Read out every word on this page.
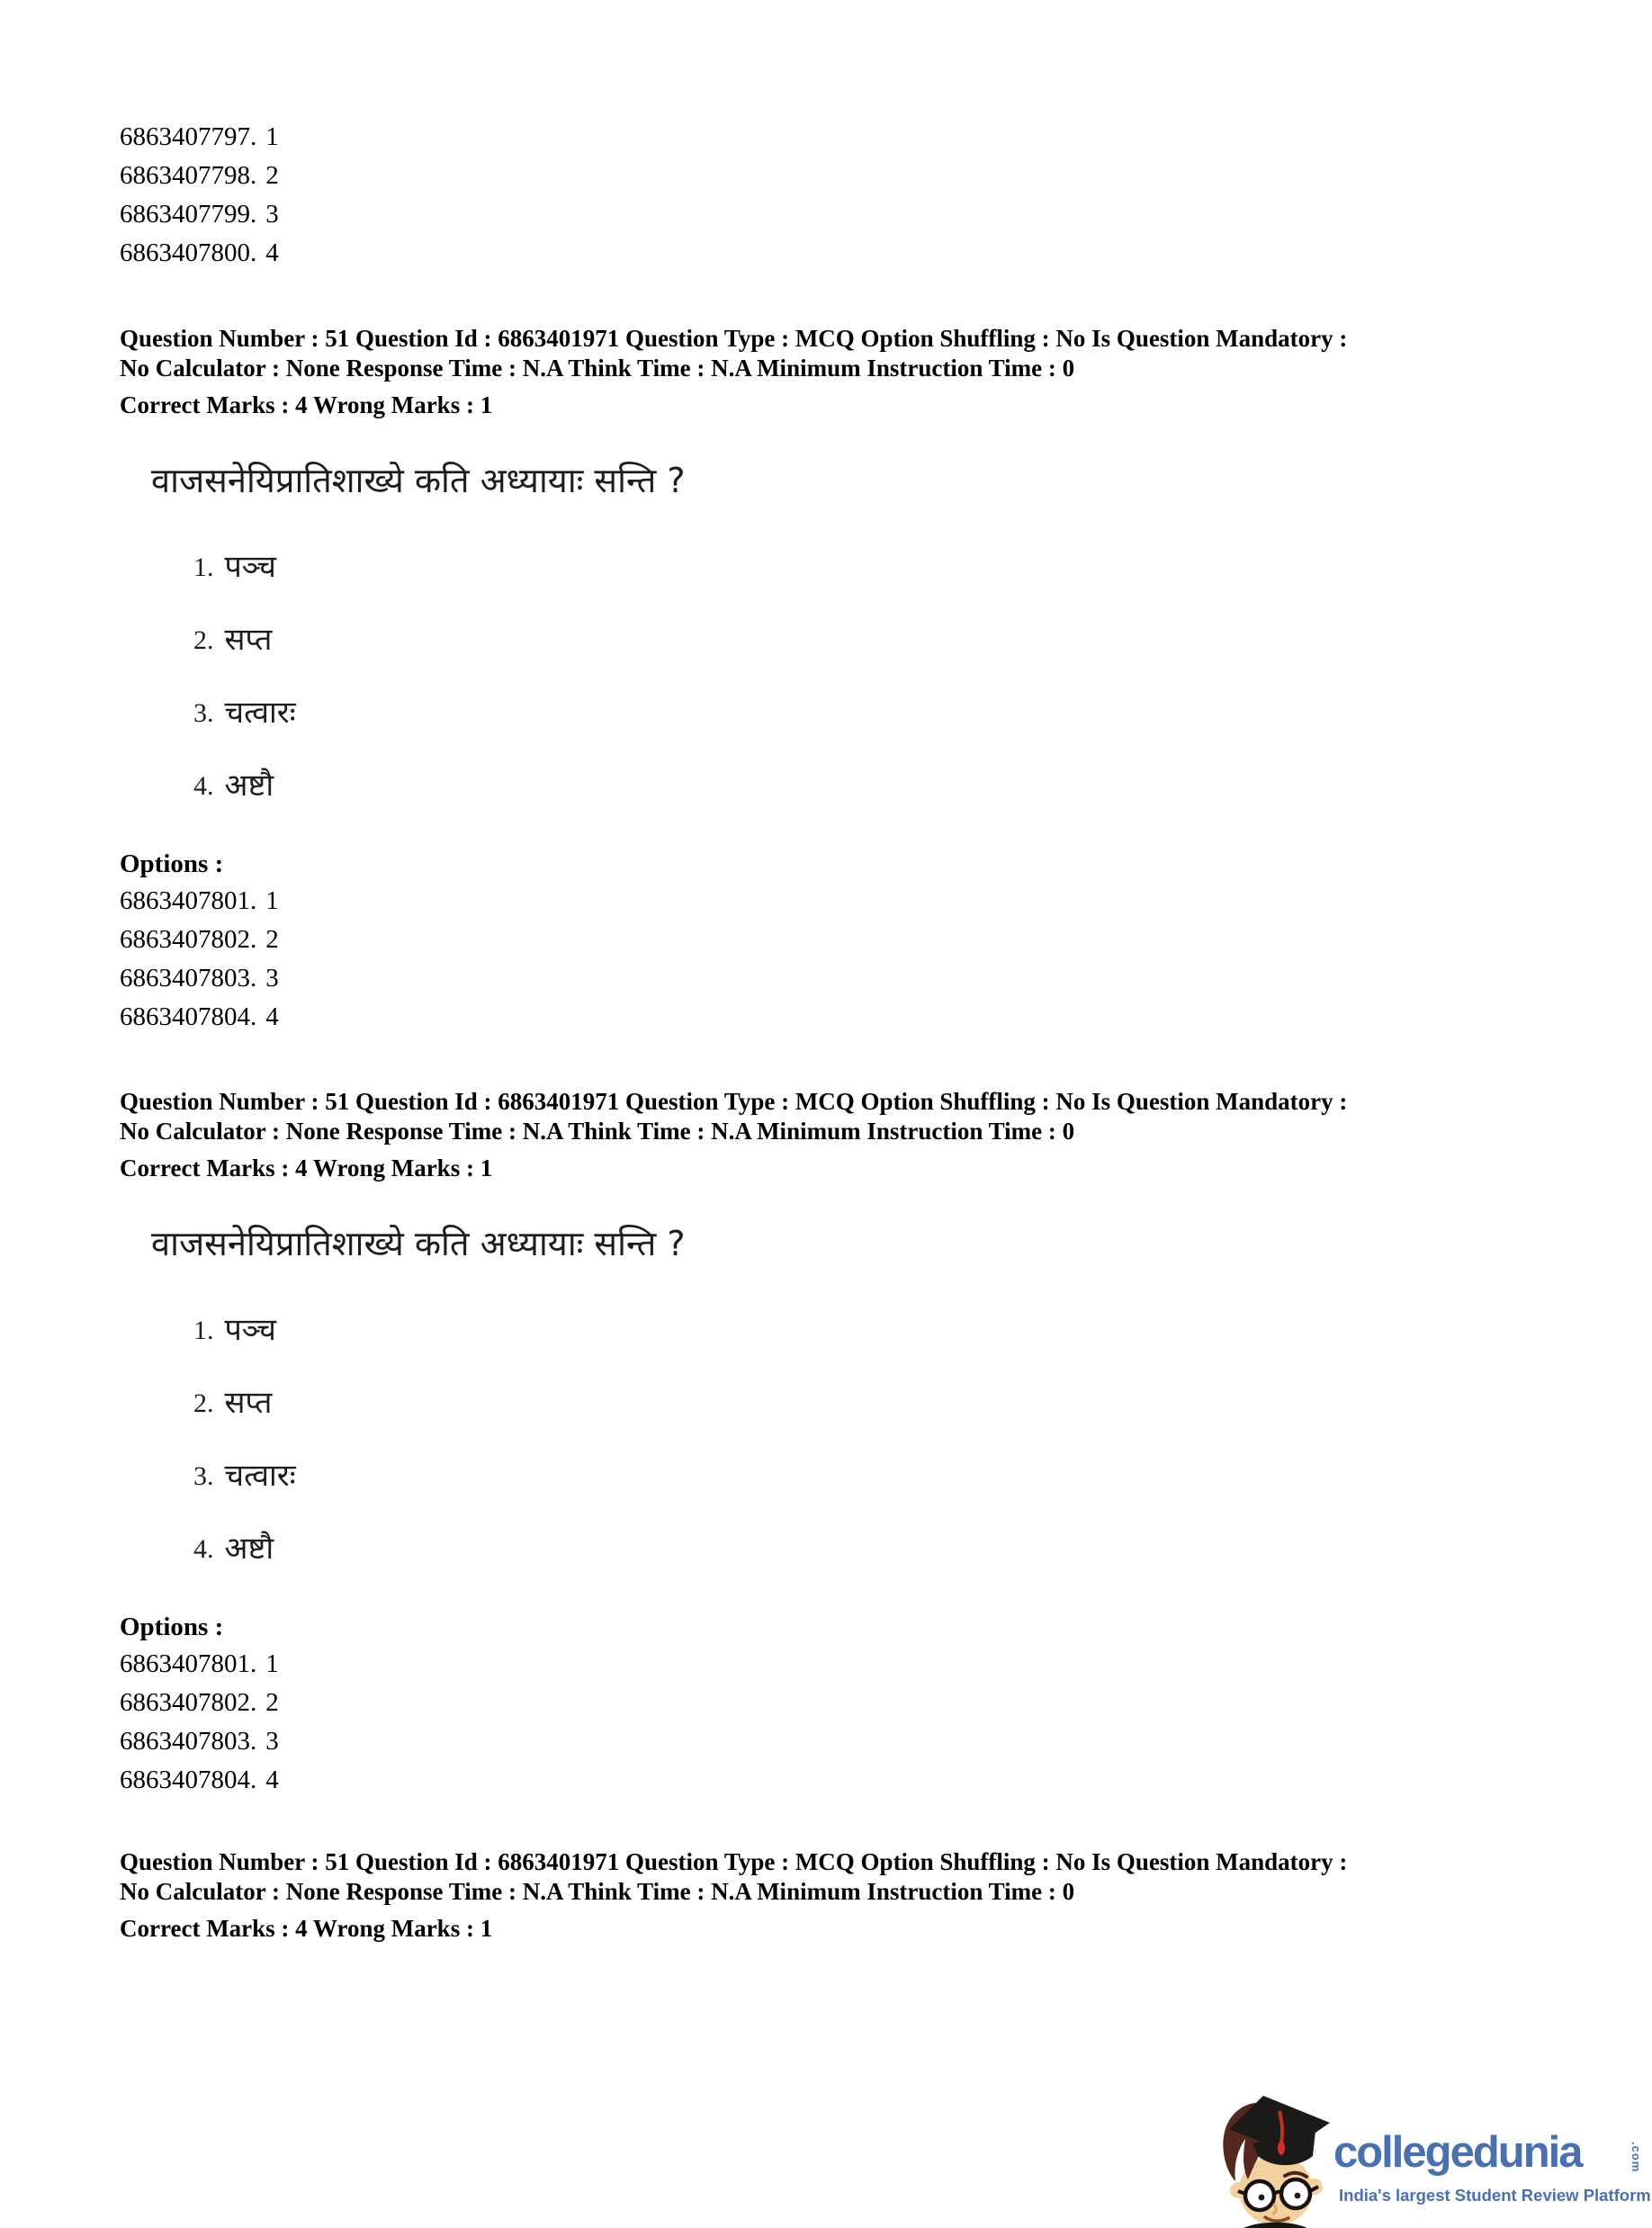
6863407797. 1
6863407798. 2
6863407799. 3
6863407800. 4
Question Number : 51 Question Id : 6863401971 Question Type : MCQ Option Shuffling : No Is Question Mandatory :
No Calculator : None Response Time : N.A Think Time : N.A Minimum Instruction Time : 0
Correct Marks : 4 Wrong Marks : 1
वाजसनेयिप्रातिशाख्ये कति अध्यायाः सन्ति ?
1. पञ्च
2. सप्त
3. चत्वारः
4. अष्टौ
Options :
6863407801. 1
6863407802. 2
6863407803. 3
6863407804. 4
Question Number : 51 Question Id : 6863401971 Question Type : MCQ Option Shuffling : No Is Question Mandatory :
No Calculator : None Response Time : N.A Think Time : N.A Minimum Instruction Time : 0
Correct Marks : 4 Wrong Marks : 1
वाजसनेयिप्रातिशाख्ये कति अध्यायाः सन्ति ?
1. पञ्च
2. सप्त
3. चत्वारः
4. अष्टौ
Options :
6863407801. 1
6863407802. 2
6863407803. 3
6863407804. 4
Question Number : 51 Question Id : 6863401971 Question Type : MCQ Option Shuffling : No Is Question Mandatory :
No Calculator : None Response Time : N.A Think Time : N.A Minimum Instruction Time : 0
Correct Marks : 4 Wrong Marks : 1
collegedunia	.com
India's largest Student Review Platform
